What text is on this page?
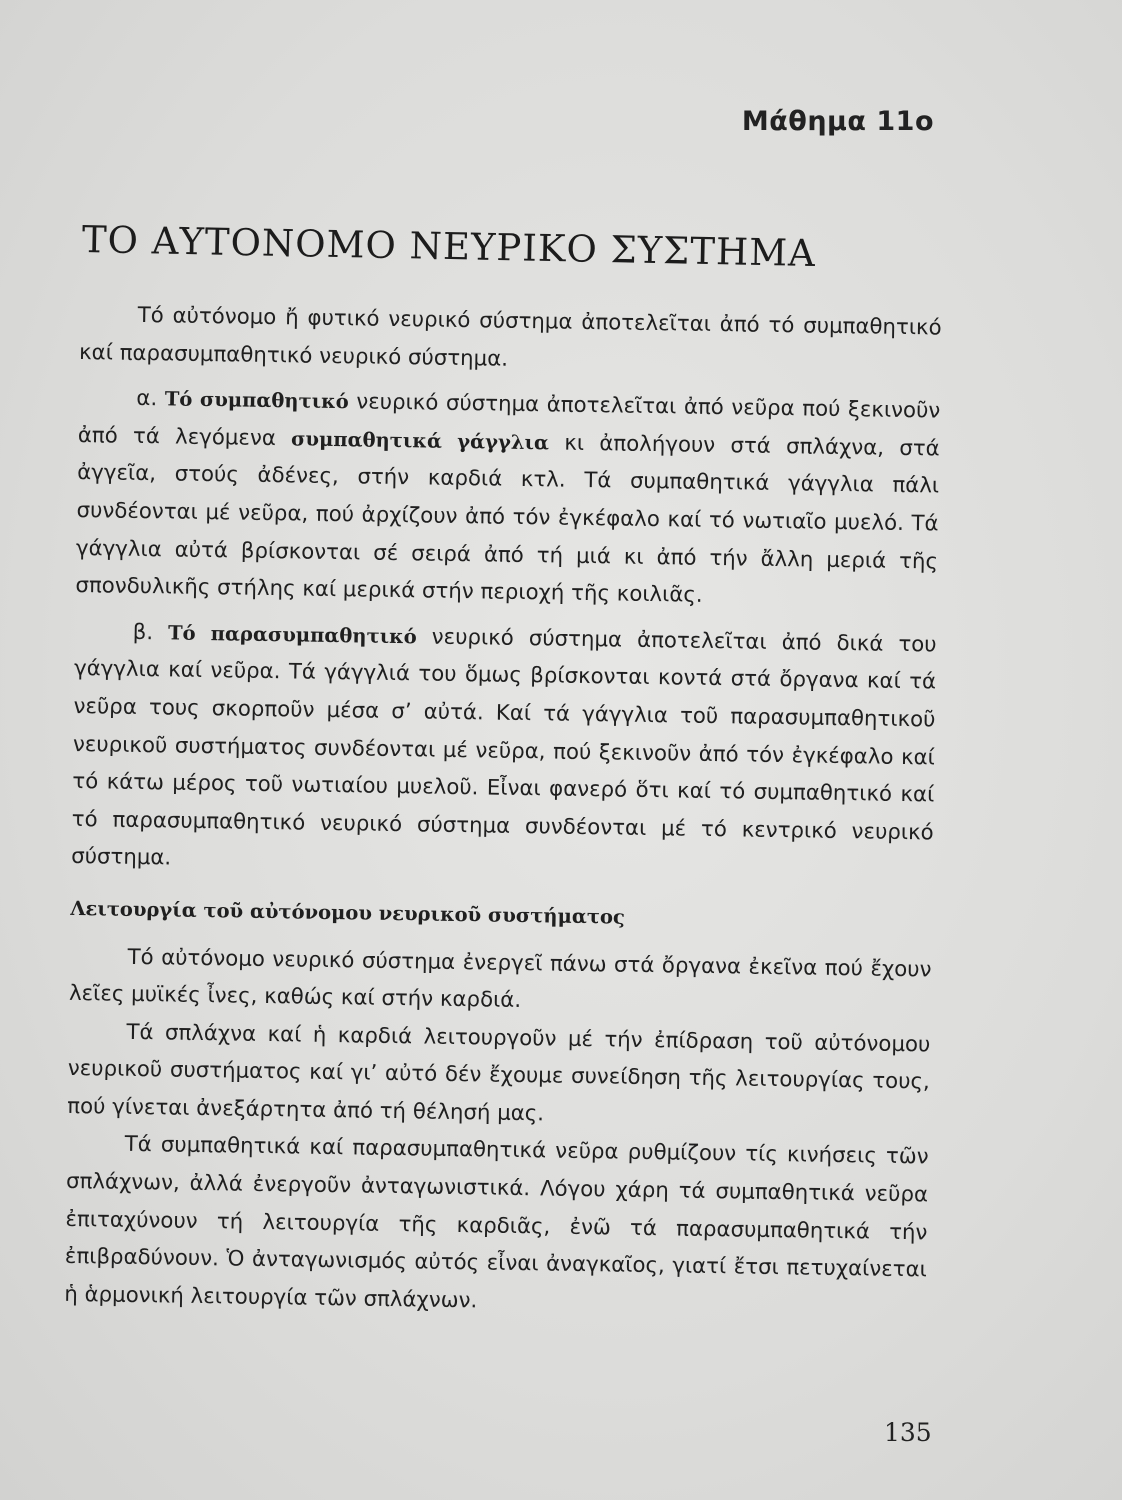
Μάθημα 11ο
ΤΟ ΑΥΤΟΝΟΜΟ ΝΕΥΡΙΚΟ ΣΥΣΤΗΜΑ

Τό αὐτόνομο ἤ φυτικό νευρικό σύστημα ἀποτελεῖται ἀπό τό συμπαθητικό καί παρασυμπαθητικό νευρικό σύστημα.

α. Τό συμπαθητικό νευρικό σύστημα ἀποτελεῖται ἀπό νεῦρα πού ξεκινοῦν ἀπό τά λεγόμενα συμπαθητικά γάγγλια κι ἀπολήγουν στά σπλάχνα, στά ἀγγεῖα, στούς ἀδένες, στήν καρδιά κτλ. Τά συμπαθητικά γάγγλια πάλι συνδέονται μέ νεῦρα, πού ἀρχίζουν ἀπό τόν ἐγκέφαλο καί τό νωτιαῖο μυελό. Τά γάγγλια αὐτά βρίσκονται σέ σειρά ἀπό τή μιά κι ἀπό τήν ἄλλη μεριά τῆς σπονδυλικῆς στήλης καί μερικά στήν περιοχή τῆς κοιλιᾶς.

β. Τό παρασυμπαθητικό νευρικό σύστημα ἀποτελεῖται ἀπό δικά του γάγγλια καί νεῦρα. Τά γάγγλιά του ὅμως βρίσκονται κοντά στά ὄργανα καί τά νεῦρα τους σκορποῦν μέσα σ’ αὐτά. Καί τά γάγγλια τοῦ παρασυμπαθητικοῦ νευρικοῦ συστήματος συνδέονται μέ νεῦρα, πού ξεκινοῦν ἀπό τόν ἐγκέφαλο καί τό κάτω μέρος τοῦ νωτιαίου μυελοῦ. Εἶναι φανερό ὅτι καί τό συμπαθητικό καί τό παρασυμπαθητικό νευρικό σύστημα συνδέονται μέ τό κεντρικό νευρικό σύστημα.

Λειτουργία τοῦ αὐτόνομου νευρικοῦ συστήματος

Τό αὐτόνομο νευρικό σύστημα ἐνεργεῖ πάνω στά ὄργανα ἐκεῖνα πού ἔχουν λεῖες μυϊκές ἶνες, καθώς καί στήν καρδιά.

Τά σπλάχνα καί ἡ καρδιά λειτουργοῦν μέ τήν ἐπίδραση τοῦ αὐτόνομου νευρικοῦ συστήματος καί γι’ αὐτό δέν ἔχουμε συνείδηση τῆς λειτουργίας τους, πού γίνεται ἀνεξάρτητα ἀπό τή θέλησή μας.

Τά συμπαθητικά καί παρασυμπαθητικά νεῦρα ρυθμίζουν τίς κινήσεις τῶν σπλάχνων, ἀλλά ἐνεργοῦν ἀνταγωνιστικά. Λόγου χάρη τά συμπαθητικά νεῦρα ἐπιταχύνουν τή λειτουργία τῆς καρδιᾶς, ἐνῶ τά παρασυμπαθητικά τήν ἐπιβραδύνουν. Ὁ ἀνταγωνισμός αὐτός εἶναι ἀναγκαῖος, γιατί ἔτσι πετυχαίνεται ἡ ἁρμονική λειτουργία τῶν σπλάχνων.

135
